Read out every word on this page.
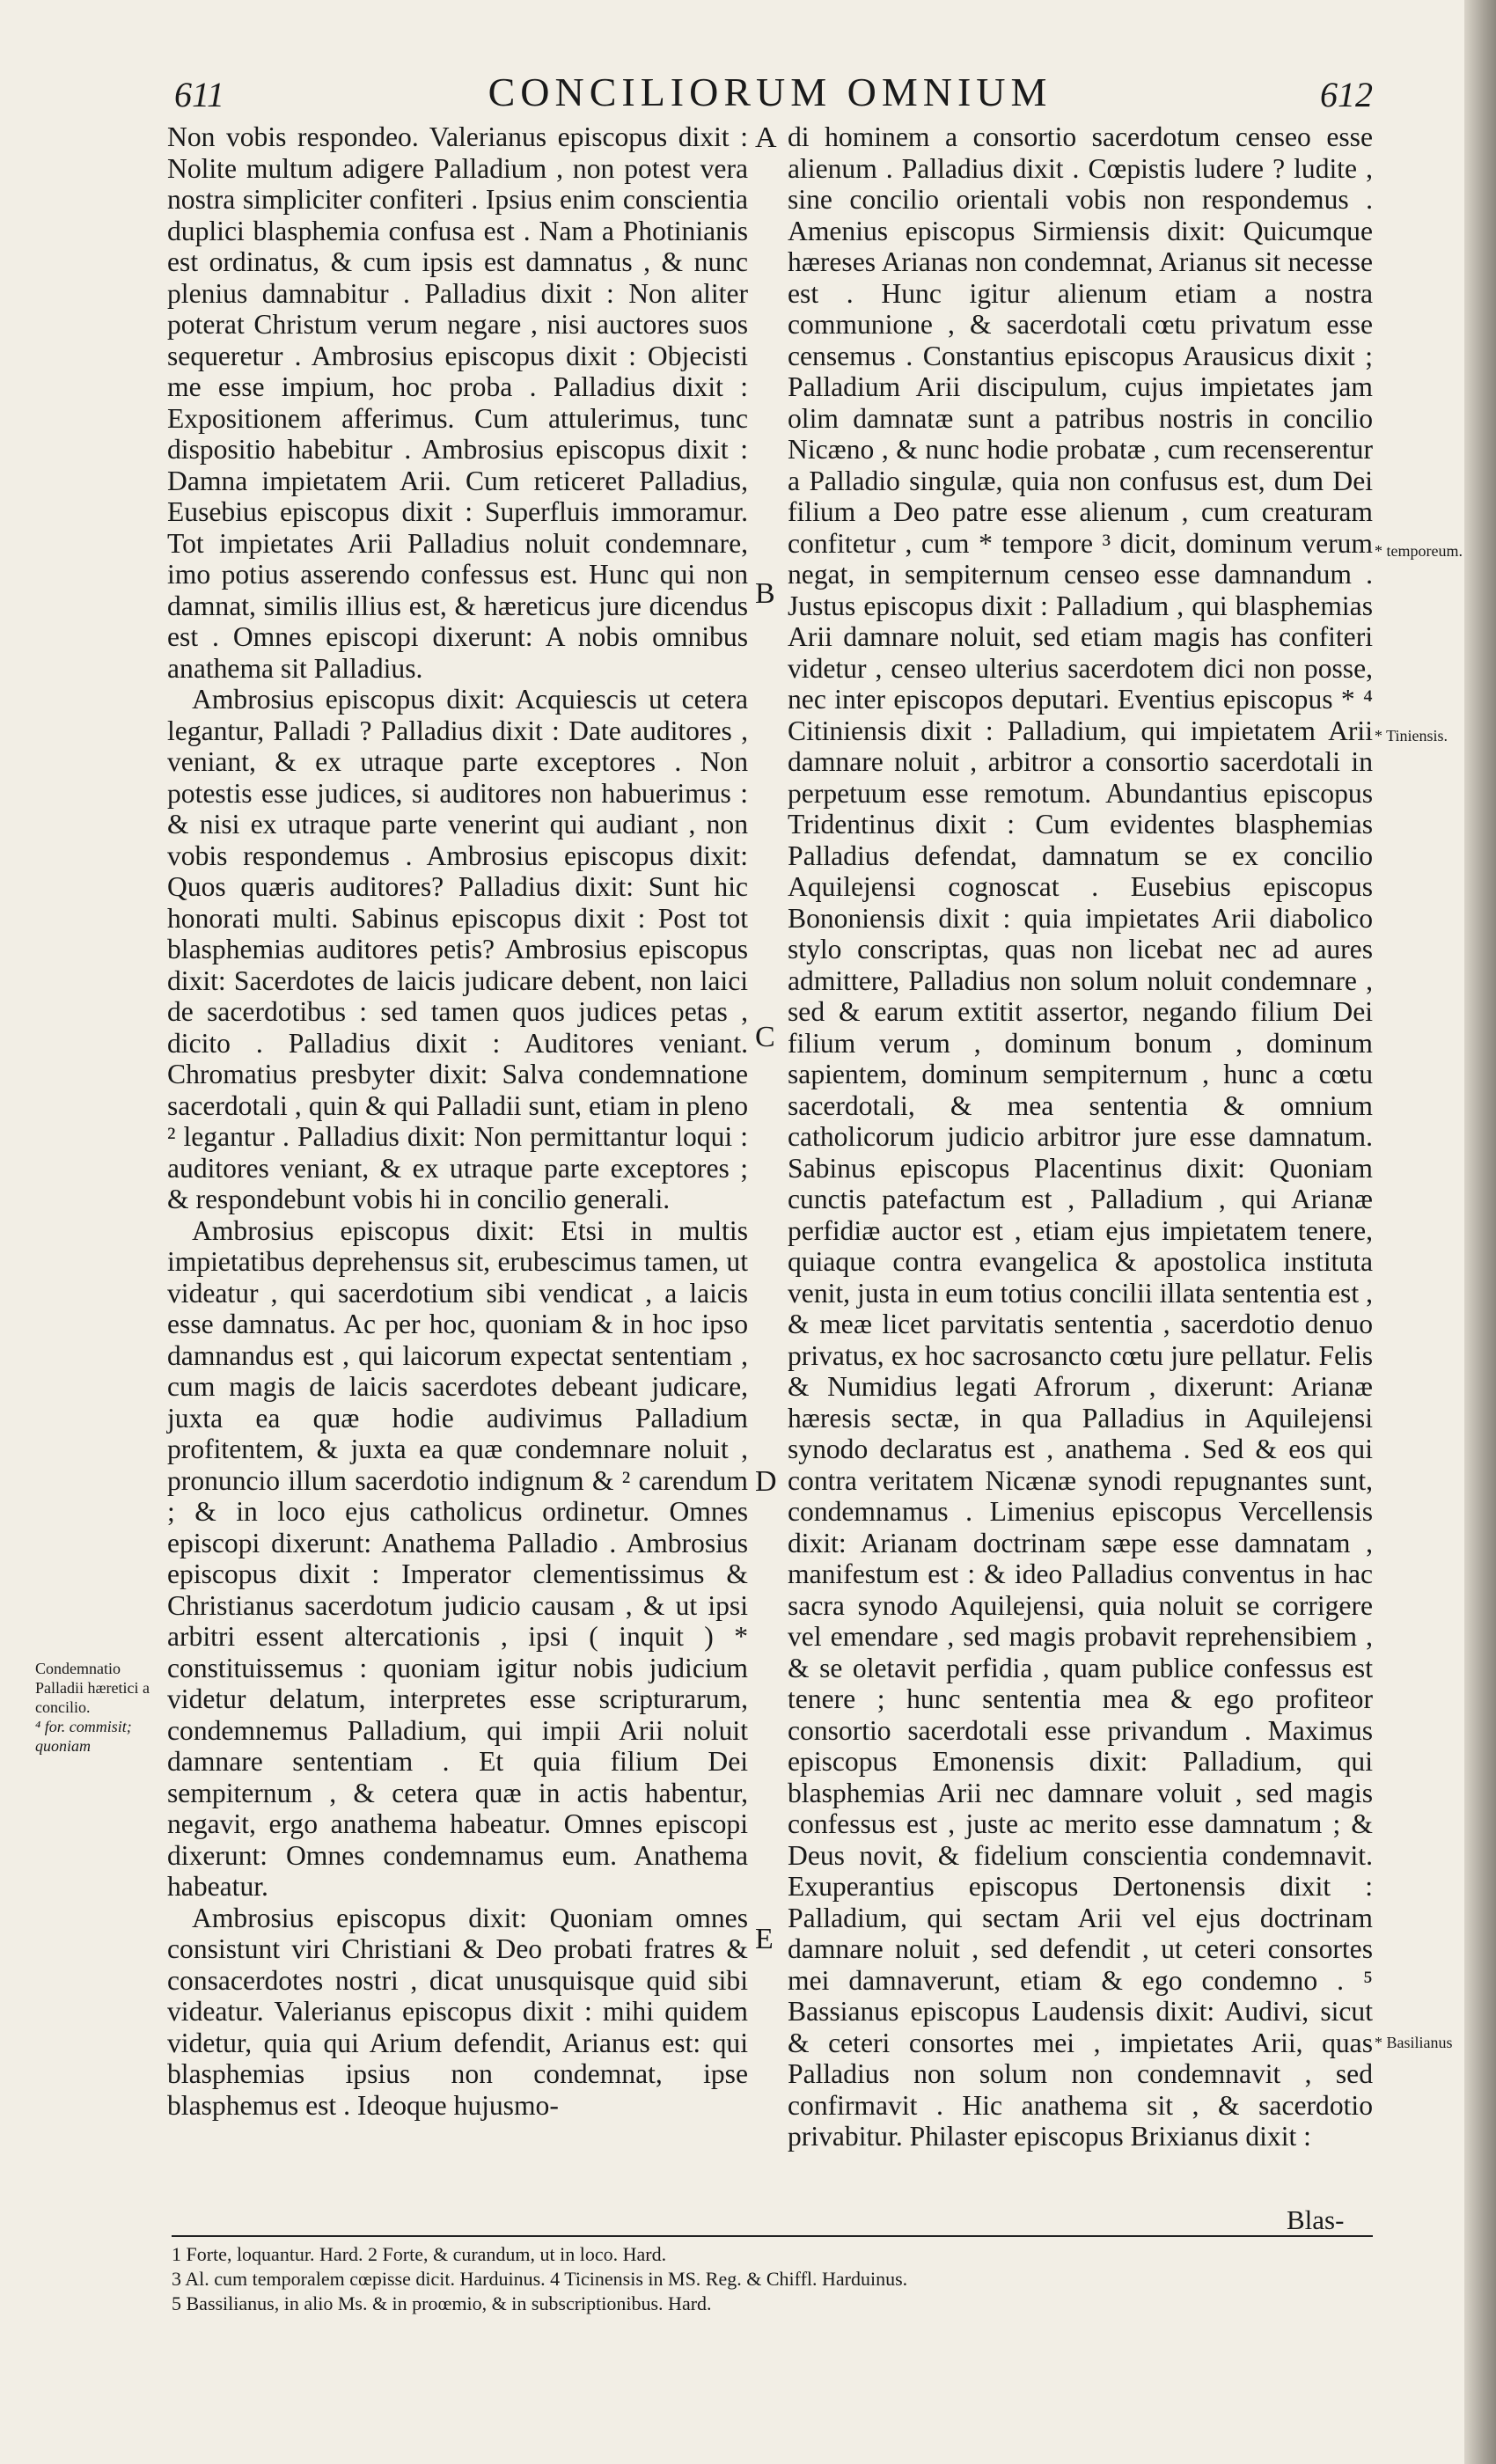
611	CONCILIORUM OMNIUM	612

Non vobis respondeo. Valerianus episcopus dixit : Nolite multum adigere Palladium , non potest vera nostra simpliciter confiteri . Ipsius enim conscientia duplici blasphemia confusa est . Nam a Photinianis est ordinatus, & cum ipsis est damnatus , & nunc plenius damnabitur . Palladius dixit : Non aliter poterat Christum verum negare , nisi auctores suos sequeretur . Ambrosius episcopus dixit : Objecisti me esse impium, hoc proba . Palladius dixit : Expositionem afferimus. Cum attulerimus, tunc dispositio habebitur . Ambrosius episcopus dixit : Damna impietatem Arii. Cum reticeret Palladius, Eusebius episcopus dixit : Superfluis immoramur. Tot impietates Arii Palladius noluit condemnare, imo potius asserendo confessus est. Hunc qui non damnat, similis illius est, & hæreticus jure dicendus est . Omnes episcopi dixerunt: A nobis omnibus anathema sit Palladius.

Ambrosius episcopus dixit: Acquiescis ut cetera legantur, Palladi ? Palladius dixit : Date auditores , veniant, & ex utraque parte exceptores . Non potestis esse judices, si auditores non habuerimus : & nisi ex utraque parte venerint qui audiant , non vobis respondemus . Ambrosius episcopus dixit: Quos quæris auditores? Palladius dixit: Sunt hic honorati multi. Sabinus episcopus dixit : Post tot blasphemias auditores petis? Ambrosius episcopus dixit: Sacerdotes de laicis judicare debent, non laici de sacerdotibus : sed tamen quos judices petas , dicito . Palladius dixit : Auditores veniant. Chromatius presbyter dixit: Salva condemnatione sacerdotali , quin & qui Palladii sunt, etiam in pleno ² legantur . Palladius dixit: Non permittantur loqui : auditores veniant, & ex utraque parte exceptores ; & respondebunt vobis hi in concilio generali.

Ambrosius episcopus dixit: Etsi in multis impietatibus deprehensus sit, erubescimus tamen, ut videatur , qui sacerdotium sibi vendicat , a laicis esse damnatus. Ac per hoc, quoniam & in hoc ipso damnandus est , qui laicorum expectat sententiam , cum magis de laicis sacerdotes debeant judicare, juxta ea quæ hodie audivimus Palladium profitentem, & juxta ea quæ condemnare noluit , pronuncio illum sacerdotio indignum & ² carendum ; & in loco ejus catholicus ordinetur. Omnes episcopi dixerunt: Anathema Palladio . Ambrosius episcopus dixit : Imperator clementissimus & Christianus sacerdotum judicio causam , & ut ipsi arbitri essent altercationis , ipsi ( inquit ) * constituissemus : quoniam igitur nobis judicium videtur delatum, interpretes esse scripturarum, condemnemus Palladium, qui impii Arii noluit damnare sententiam . Et quia filium Dei sempiternum , & cetera quæ in actis habentur, negavit, ergo anathema habeatur. Omnes episcopi dixerunt: Omnes condemnamus eum. Anathema habeatur.

Ambrosius episcopus dixit: Quoniam omnes consistunt viri Christiani & Deo probati fratres & consacerdotes nostri , dicat unusquisque quid sibi videatur. Valerianus episcopus dixit : mihi quidem videtur, quia qui Arium defendit, Arianus est: qui blasphemias ipsius non condemnat, ipse blasphemus est . Ideoque hujusmo-

A
B
C
D
E

di hominem a consortio sacerdotum censeo esse alienum . Palladius dixit . Cœpistis ludere ? ludite , sine concilio orientali vobis non respondemus . Amenius episcopus Sirmiensis dixit: Quicumque hæreses Arianas non condemnat, Arianus sit necesse est . Hunc igitur alienum etiam a nostra communione , & sacerdotali cœtu privatum esse censemus . Constantius episcopus Arausicus dixit ; Palladium Arii discipulum, cujus impietates jam olim damnatæ sunt a patribus nostris in concilio Nicæno , & nunc hodie probatæ , cum recenserentur a Palladio singulæ, quia non confusus est, dum Dei filium a Deo patre esse alienum , cum creaturam confitetur , cum * tempore ³ dicit, dominum verum negat, in sempiternum censeo esse damnandum . Justus episcopus dixit : Palladium , qui blasphemias Arii damnare noluit, sed etiam magis has confiteri videtur , censeo ulterius sacerdotem dici non posse, nec inter episcopos deputari. Eventius episcopus * ⁴ Citiniensis dixit : Palladium, qui impietatem Arii damnare noluit , arbitror a consortio sacerdotali in perpetuum esse remotum. Abundantius episcopus Tridentinus dixit : Cum evidentes blasphemias Palladius defendat, damnatum se ex concilio Aquilejensi cognoscat . Eusebius episcopus Bononiensis dixit : quia impietates Arii diabolico stylo conscriptas, quas non licebat nec ad aures admittere, Palladius non solum noluit condemnare , sed & earum extitit assertor, negando filium Dei filium verum , dominum bonum , dominum sapientem, dominum sempiternum , hunc a cœtu sacerdotali, & mea sententia & omnium catholicorum judicio arbitror jure esse damnatum. Sabinus episcopus Placentinus dixit: Quoniam cunctis patefactum est , Palladium , qui Arianæ perfidiæ auctor est , etiam ejus impietatem tenere, quiaque contra evangelica & apostolica instituta venit, justa in eum totius concilii illata sententia est , & meæ licet parvitatis sententia , sacerdotio denuo privatus, ex hoc sacrosancto cœtu jure pellatur. Felis & Numidius legati Afrorum , dixerunt: Arianæ hæresis sectæ, in qua Palladius in Aquilejensi synodo declaratus est , anathema . Sed & eos qui contra veritatem Nicænæ synodi repugnantes sunt, condemnamus . Limenius episcopus Vercellensis dixit: Arianam doctrinam sæpe esse damnatam , manifestum est : & ideo Palladius conventus in hac sacra synodo Aquilejensi, quia noluit se corrigere vel emendare , sed magis probavit reprehensibiem , & se oletavit perfidia , quam publice confessus est tenere ; hunc sententia mea & ego profiteor consortio sacerdotali esse privandum . Maximus episcopus Emonensis dixit: Palladium, qui blasphemias Arii nec damnare voluit , sed magis confessus est , juste ac merito esse damnatum ; & Deus novit, & fidelium conscientia condemnavit. Exuperantius episcopus Dertonensis dixit : Palladium, qui sectam Arii vel ejus doctrinam damnare noluit , sed defendit , ut ceteri consortes mei damnaverunt, etiam & ego condemno . ⁵ Bassianus episcopus Laudensis dixit: Audivi, sicut & ceteri consortes mei , impietates Arii, quas Palladius non solum non condemnavit , sed confirmavit . Hic anathema sit , & sacerdotio privabitur. Philaster episcopus Brixianus dixit :

Blas-
Condemnatio Palladii hæretici a concilio.
⁴ for. commisit; quoniam
* temporeum.
* Tiniensis.
* Basilianus
1 Forte, loquantur. Hard. 2 Forte, & curandum, ut in loco. Hard.
3 Al. cum temporalem cœpisse dicit. Harduinus. 4 Ticinensis in MS. Reg. & Chiffl. Harduinus.
5 Bassilianus, in alio Ms. & in proœmio, & in subscriptionibus. Hard.
